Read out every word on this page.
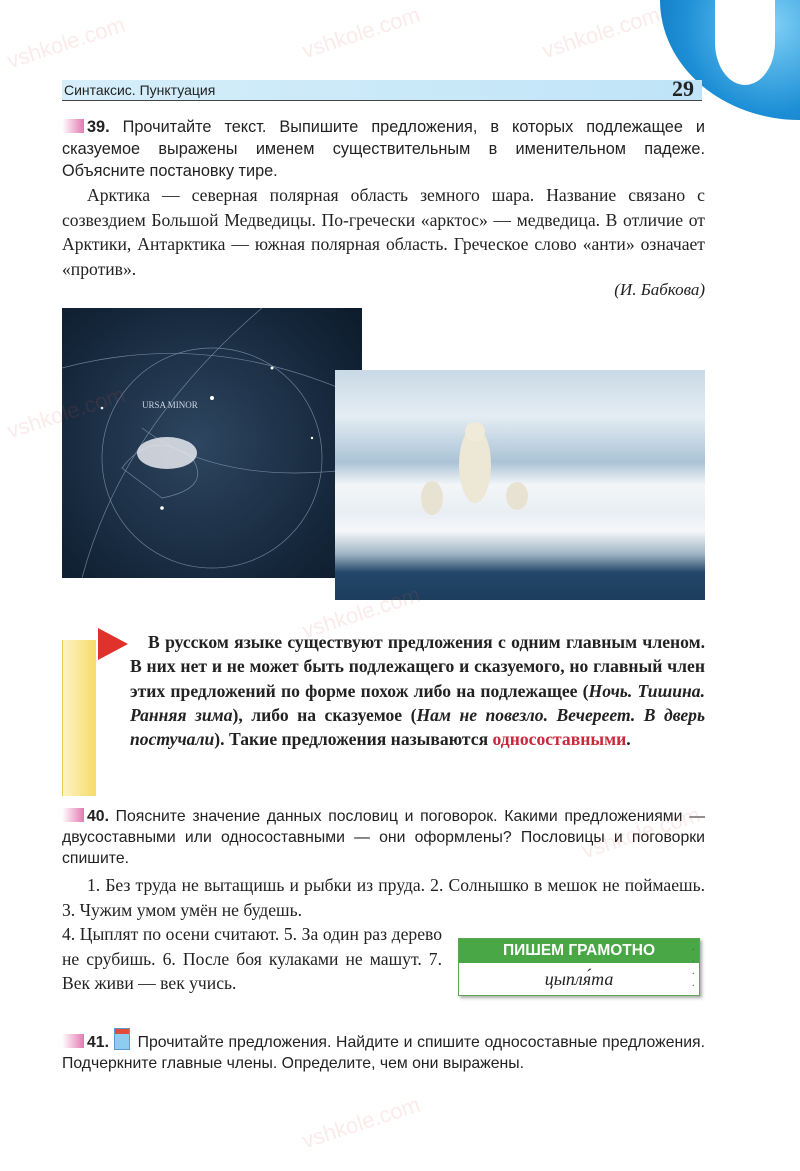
Синтаксис. Пунктуация	29
39. Прочитайте текст. Выпишите предложения, в которых подлежащее и сказуемое выражены именем существительным в именительном падеже. Объясните постановку тире.
Арктика — северная полярная область земного шара. Название связано с созвездием Большой Медведицы. По-гречески «арктос» — медведица. В отличие от Арктики, Антарктика — южная полярная область. Греческое слово «анти» означает «против».
(И. Бабкова)
URSA MINOR
В русском языке существуют предложения с одним главным членом. В них нет и не может быть подлежащего и сказуемого, но главный член этих предложений по форме похож либо на подлежащее (Ночь. Тишина. Ранняя зима), либо на сказуемое (Нам не повезло. Вечереет. В дверь постучали). Такие предложения называются односоставными.
40. Поясните значение данных пословиц и поговорок. Какими предложениями — двусоставными или односоставными — они оформлены? Пословицы и поговорки спишите.
1. Без труда не вытащишь и рыбки из пруда. 2. Солнышко в мешок не поймаешь. 3. Чужим умом умён не будешь.
4. Цыплят по осени считают. 5. За один раз дерево не срубишь. 6. После боя кулаками не машут. 7. Век живи — век учись.
ПИШЕМ ГРАМОТНО
цыпля́та
·
·
·
·
41. Прочитайте предложения. Найдите и спишите односоставные предложения. Подчеркните главные члены. Определите, чем они выражены.
vshkole.com	vshkole.com	vshkole.com
vshkole.com
vshkole.com
vshkole.com
